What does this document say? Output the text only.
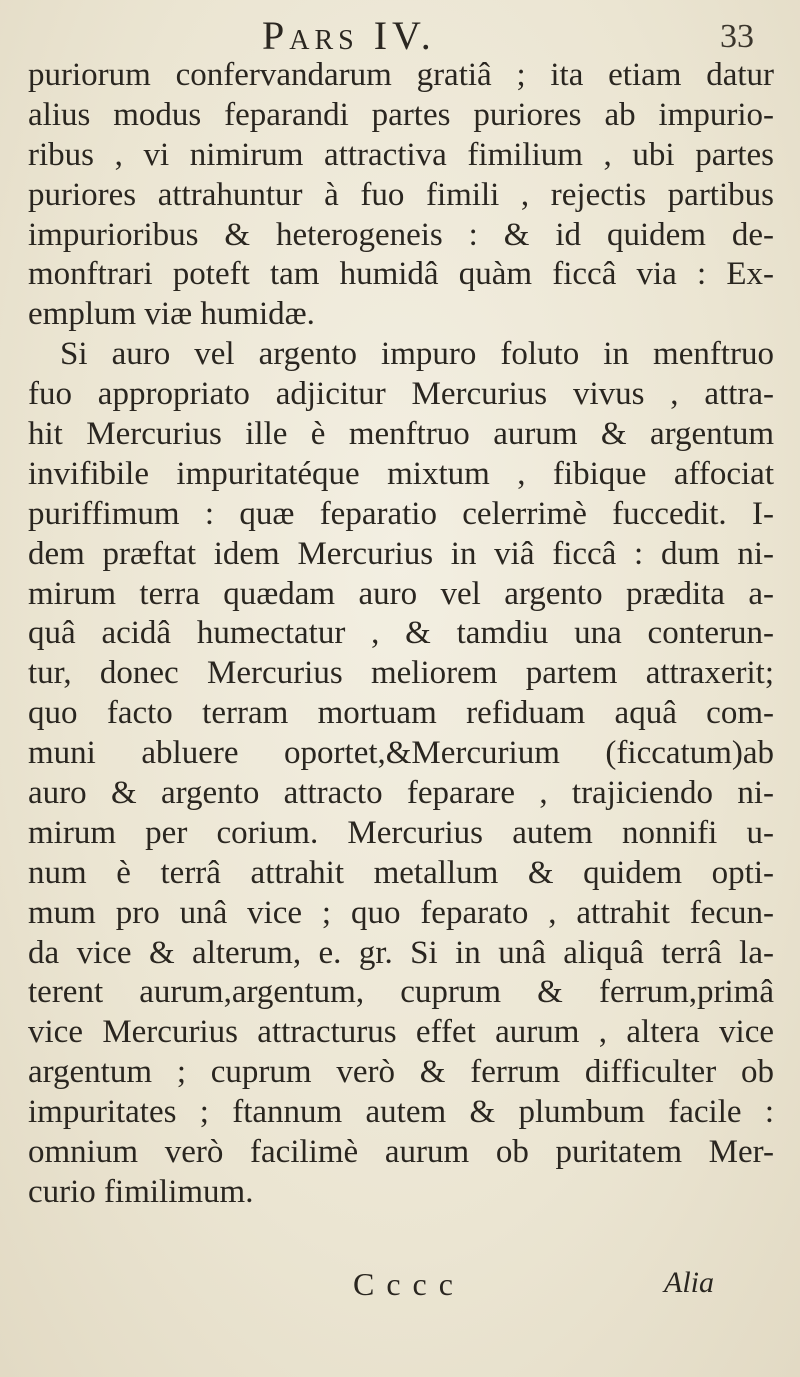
Pars IV.	33
puriorum confervandarum gratiâ ; ita etiam datur
alius modus feparandi partes puriores ab impurio-
ribus , vi nimirum attractiva fimilium , ubi partes
puriores attrahuntur à fuo fimili , rejectis partibus
impurioribus & heterogeneis : & id quidem de-
monftrari poteft tam humidâ quàm ficcâ via : Ex-
emplum viæ humidæ.
Si auro vel argento impuro foluto in menftruo
fuo appropriato adjicitur Mercurius vivus , attra-
hit Mercurius ille è menftruo aurum & argentum
invifibile impuritatéque mixtum , fibique affociat
puriffimum : quæ feparatio celerrimè fuccedit. I-
dem præftat idem Mercurius in viâ ficcâ : dum ni-
mirum terra quædam auro vel argento prædita a-
quâ acidâ humectatur , & tamdiu una conterun-
tur, donec Mercurius meliorem partem attraxerit;
quo facto terram mortuam refiduam aquâ com-
muni abluere oportet,&Mercurium (ficcatum)ab
auro & argento attracto feparare , trajiciendo ni-
mirum per corium. Mercurius autem nonnifi u-
num è terrâ attrahit metallum & quidem opti-
mum pro unâ vice ; quo feparato , attrahit fecun-
da vice & alterum, e. gr. Si in unâ aliquâ terrâ la-
terent aurum,argentum, cuprum & ferrum,primâ
vice Mercurius attracturus effet aurum , altera vice
argentum ; cuprum verò & ferrum difficulter ob
impuritates ; ftannum autem & plumbum facile :
omnium verò facilimè aurum ob puritatem Mer-
curio fimilimum.
C c c c	Alia
